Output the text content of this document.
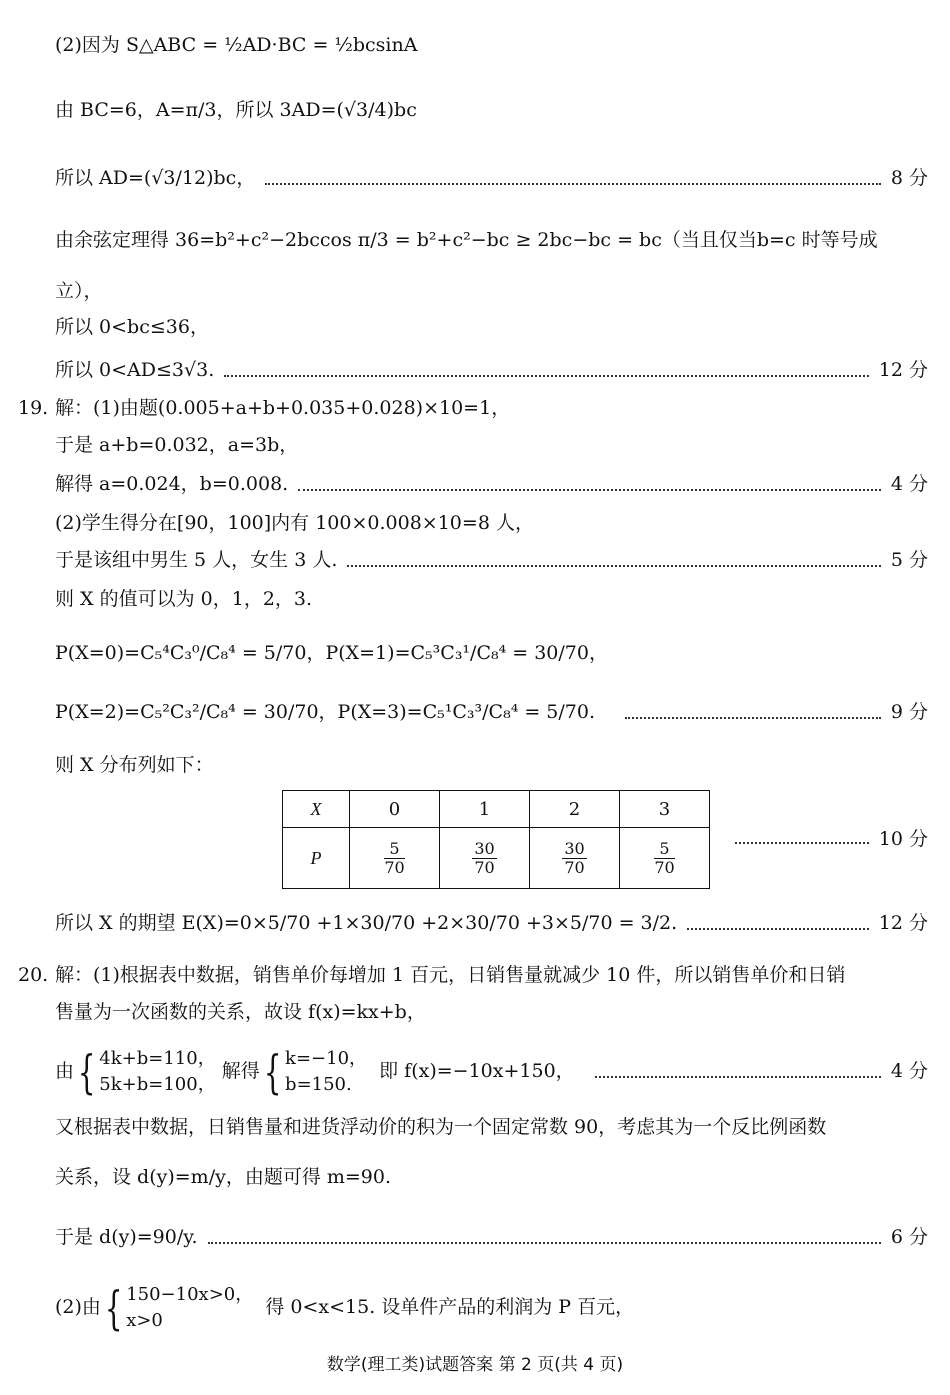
(2)因为 S△ABC = ½AD·BC = ½bcsinA
由 BC=6，A=π/3，所以 3AD=(√3/4)bc
所以 AD=(√3/12)bc，	8 分
由余弦定理得 36=b²+c²−2bccos π/3 = b²+c²−bc ≥ 2bc−bc = bc（当且仅当b=c 时等号成
立），
所以 0<bc≤36，
所以 0<AD≤3√3.	12 分
19. 解：(1)由题(0.005+a+b+0.035+0.028)×10=1，
于是 a+b=0.032，a=3b，
解得 a=0.024，b=0.008.	4 分
(2)学生得分在[90，100]内有 100×0.008×10=8 人，
于是该组中男生 5 人，女生 3 人.	5 分
则 X 的值可以为 0，1，2，3.
P(X=0)=C₅⁴C₃⁰/C₈⁴ = 5/70，P(X=1)=C₅³C₃¹/C₈⁴ = 30/70，
P(X=2)=C₅²C₃²/C₈⁴ = 30/70，P(X=3)=C₅¹C₃³/C₈⁴ = 5/70.	9 分
则 X 分布列如下：
X	0	1	2	3
P	$\frac{5}{70}$	$\frac{30}{70}$	$\frac{30}{70}$	$\frac{5}{70}$
10 分
所以 X 的期望 E(X)=0×5/70 +1×30/70 +2×30/70 +3×5/70 = 3/2.	12 分
20. 解：(1)根据表中数据，销售单价每增加 1 百元，日销售量就减少 10 件，所以销售单价和日销
售量为一次函数的关系，故设 f(x)=kx+b，
由{ 4k+b=110，
5k+b=100，
解得{ k=−10，
b=150.
即 f(x)=−10x+150，	4 分
又根据表中数据，日销售量和进货浮动价的积为一个固定常数 90，考虑其为一个反比例函数
关系，设 d(y)=m/y，由题可得 m=90.
于是 d(y)=90/y.	6 分
(2)由{ 150−10x>0，
x>0
得 0<x<15. 设单件产品的利润为 P 百元，
数学(理工类)试题答案 第 2 页(共 4 页)
